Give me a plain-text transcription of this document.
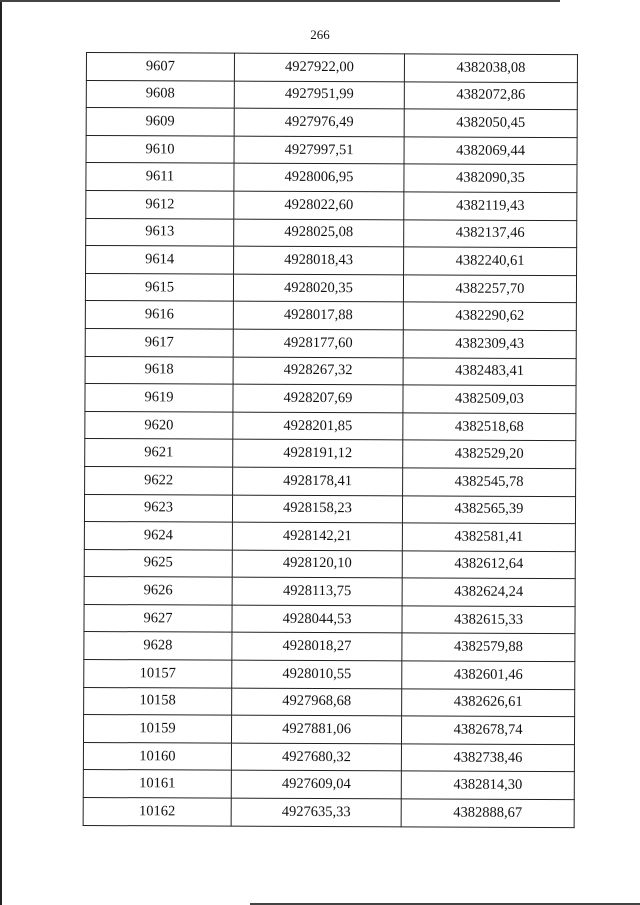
266
9607	4927922,00	4382038,08
9608	4927951,99	4382072,86
9609	4927976,49	4382050,45
9610	4927997,51	4382069,44
9611	4928006,95	4382090,35
9612	4928022,60	4382119,43
9613	4928025,08	4382137,46
9614	4928018,43	4382240,61
9615	4928020,35	4382257,70
9616	4928017,88	4382290,62
9617	4928177,60	4382309,43
9618	4928267,32	4382483,41
9619	4928207,69	4382509,03
9620	4928201,85	4382518,68
9621	4928191,12	4382529,20
9622	4928178,41	4382545,78
9623	4928158,23	4382565,39
9624	4928142,21	4382581,41
9625	4928120,10	4382612,64
9626	4928113,75	4382624,24
9627	4928044,53	4382615,33
9628	4928018,27	4382579,88
10157	4928010,55	4382601,46
10158	4927968,68	4382626,61
10159	4927881,06	4382678,74
10160	4927680,32	4382738,46
10161	4927609,04	4382814,30
10162	4927635,33	4382888,67
